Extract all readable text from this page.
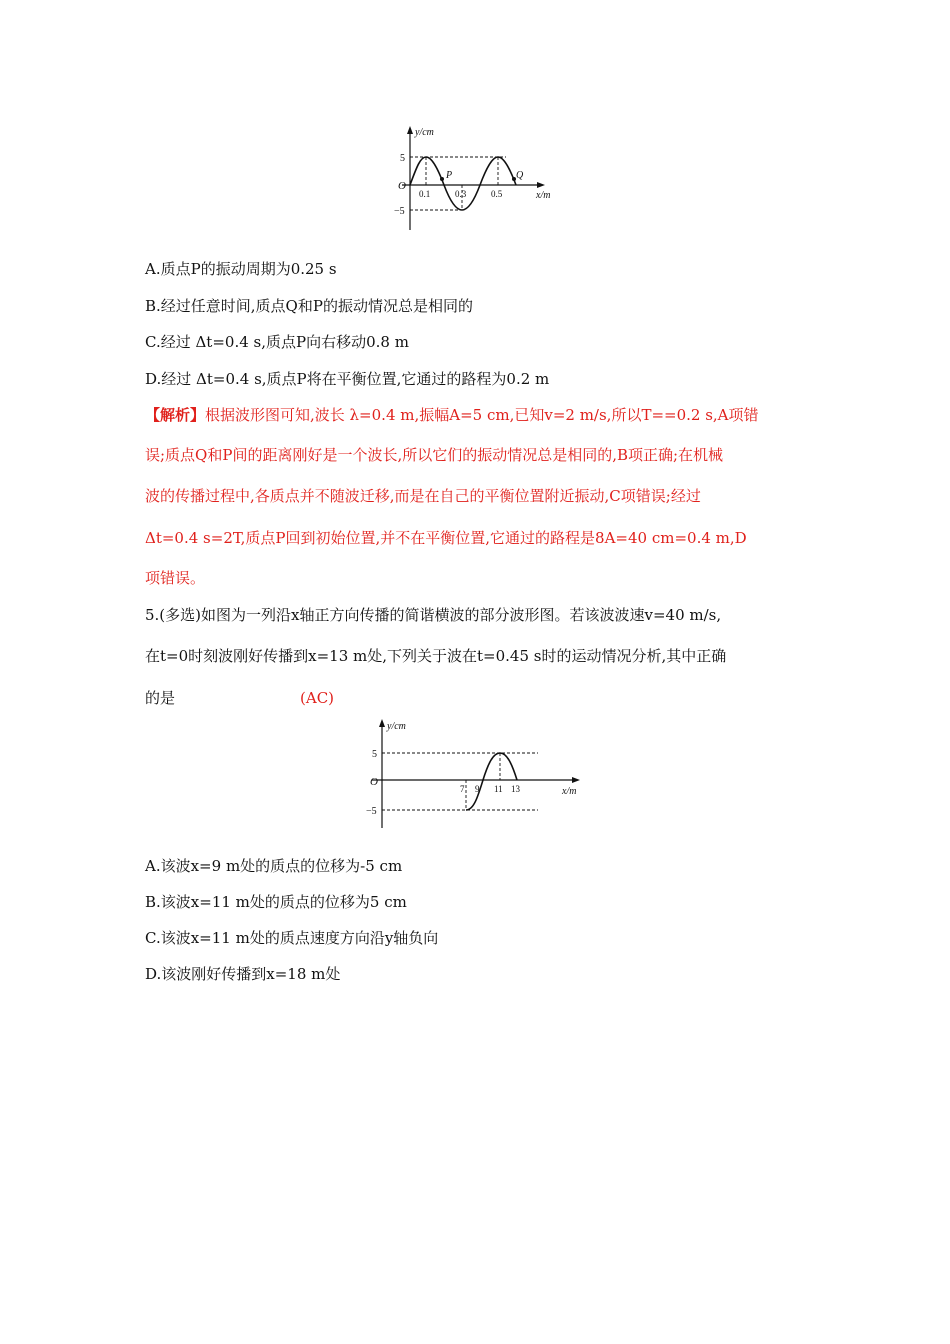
y/cm
x/m
O
5
−5
0.1	0.3	0.5
P	Q
A.质点P的振动周期为0.25 s
B.经过任意时间,质点Q和P的振动情况总是相同的
C.经过 Δt=0.4 s,质点P向右移动0.8 m
D.经过 Δt=0.4 s,质点P将在平衡位置,它通过的路程为0.2 m
【解析】根据波形图可知,波长 λ=0.4 m,振幅A=5 cm,已知v=2 m/s,所以T==0.2 s,A项错
误;质点Q和P间的距离刚好是一个波长,所以它们的振动情况总是相同的,B项正确;在机械
波的传播过程中,各质点并不随波迁移,而是在自己的平衡位置附近振动,C项错误;经过
Δt=0.4 s=2T,质点P回到初始位置,并不在平衡位置,它通过的路程是8A=40 cm=0.4 m,D
项错误。
5.(多选)如图为一列沿x轴正方向传播的简谐横波的部分波形图。若该波波速v=40 m/s,
在t=0时刻波刚好传播到x=13 m处,下列关于波在t=0.45 s时的运动情况分析,其中正确
的是	(AC)
y/cm
x/m
O
5
−5
7 9 11 13
A.该波x=9 m处的质点的位移为-5 cm
B.该波x=11 m处的质点的位移为5 cm
C.该波x=11 m处的质点速度方向沿y轴负向
D.该波刚好传播到x=18 m处
